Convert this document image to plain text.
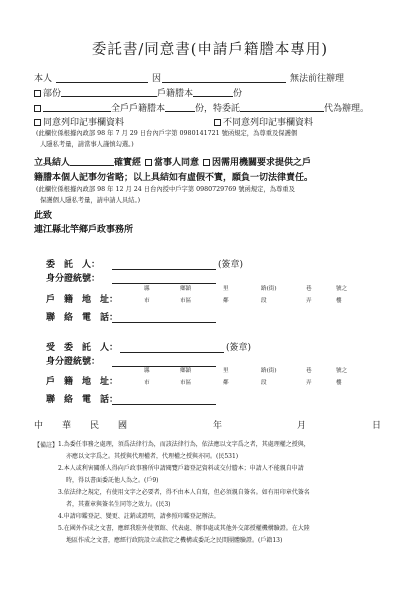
委託書/同意書(申請戶籍謄本專用)
本人	因	無法前往辦理
部份	戶籍謄本	份
全戶戶籍謄本	份，特委託	代為辦理。
同意列印記事欄資料	不同意列印記事欄資料
(此欄位係根據內政部 98 年 7 月 29 日台內戶字第 0980141721 號函規定，為尊重及保護個
人隱私考量，請當事人謹慎勾選。)
立具結人	確實經 當事人同意 因需用機關要求提供之戶
籍謄本個人記事勿省略；以上具結如有虛假不實，願負一切法律責任。
(此欄位係根據內政部 98 年 12 月 24 日台內授中戶字第 0980729769 號函規定，為尊重及
保護個人隱私考量，請申請人具結。)
此致
連江縣北竿鄉戶政事務所
委　託　人：	(簽章)
身分證統號：
戶　籍　地　址：
縣	鄉鎮	里	路(街)	巷	號之
市	市區	鄰	段	弄	樓
聯　絡　電　話：
受　委　託　人：	(簽章)
身分證統號：
戶　籍　地　址：
縣	鄉鎮	里	路(街)	巷	號之
市	市區	鄰	段	弄	樓
聯　絡　電　話：
中 華 民 國	年	月	日
【備註】 1.為委任事務之處理，須爲法律行為，而該法律行為，依法應以文字爲之者，其處理權之授與，
亦應以文字爲之。其授與代理權者，代理權之授與亦同。(民531)
2.本人或利害關係人得向戶政事務所申請閱覽戶籍登記資料或交付謄本；申請人不能親自申請
時，得以書面委託他人為之。(戶9)
3.依法律之規定，有使用文字之必要者，得不由本人自寫，但必須親自簽名。如有用印章代簽名
者，其蓋章與簽名生同等之效力。(民3)
4.申請印鑑登記、變更、註銷或證明，請參照印鑑登記辦法。
5.在國外作成之文書，應經我駐外使領館、代表處、辦事處或其他外交部授權機構驗證。在大陸
地區作成之文書，應經行政院設立或指定之機構或委託之民間團體驗證。(戶籍13)
